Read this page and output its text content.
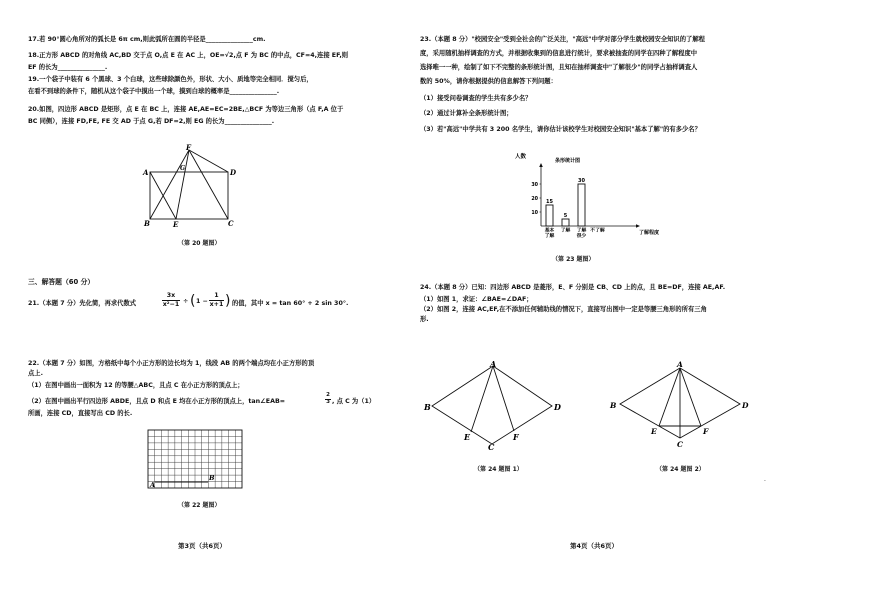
17.若 90°圆心角所对的弧长是 6π cm,则此弧所在圆的半径是_______________cm.
18.正方形 ABCD 的对角线 AC,BD 交于点 O,点 E 在 AC 上，OE=√2,点 F 为 BC 的中点，CF=4,连接 EF,则
EF 的长为_______________.
19.一个袋子中装有 6 个黑球、3 个白球，这些球除颜色外，形状、大小、质地等完全相同．搅匀后，
在看不到球的条件下，随机从这个袋子中摸出一个球，摸到白球的概率是_______________.
20.如图，四边形 ABCD 是矩形，点 E 在 BC 上，连接 AE,AE=EC=2BE,△BCF 为等边三角形（点 F,A 位于
BC 同侧），连接 FD,FE, FE 交 AD 于点 G,若 DF=2,则 EG 的长为_______________.
F
A	G	D
B	E	C
（第 20 题图）
三、解答题（60 分）
21.（本题 7 分）先化简，再求代数式
3x
x²−1 ÷ ( 1 −
1
x+1 ) 的值，其中 x = tan 60° + 2 sin 30°.
22.（本题 7 分）如图，方格纸中每个小正方形的边长均为 1，线段 AB 的两个端点均在小正方形的顶
点上.
（1）在图中画出一面积为 12 的等腰△ABC，且点 C 在小正方形的顶点上；
（2）在图中画出平行四边形 ABDE，且点 D 和点 E 均在小正方形的顶点上，tan∠EAB=
2
3 , 点 C 为（1）
所画，连接 CD，直接写出 CD 的长.
A
B
（第 22 题图）
第3页（共6页）
23.（本题 8 分）"校园安全"受到全社会的广泛关注，"高远"中学对部分学生就校园安全知识的了解程
度，采用随机抽样调查的方式，并根据收集到的信息进行统计，要求被抽查的同学在四种了解程度中
选择唯一一种，绘制了如下不完整的条形统计图，且知在抽样调查中"了解很少"的同学占抽样调查人
数的 50%，请你根据提供的信息解答下列问题：
（1）接受问卷调查的学生共有多少名？
（2）通过计算补全条形统计图；
（3）若"高远"中学共有 3 200 名学生，请你估计该校学生对校园安全知识"基本了解"的有多少名？
人数
条形统计图
了解程度
10
20
30
15
5
30
基本
了解
了解 了解
很少
不了解
（第 23 题图）
24.（本题 8 分）已知：四边形 ABCD 是菱形，E、F 分别是 CB、CD 上的点，且 BE=DF，连接 AE,AF.
（1）如图 1，求证：∠BAE=∠DAF；
（2）如图 2，连接 AC,EF,在不添加任何辅助线的情况下，直接写出图中一定是等腰三角形的所有三角
形.
A
B	D
E
C
F
（第 24 题图 1）
A
B	D
E
C
F
（第 24 题图 2）
·
第4页（共6页）
